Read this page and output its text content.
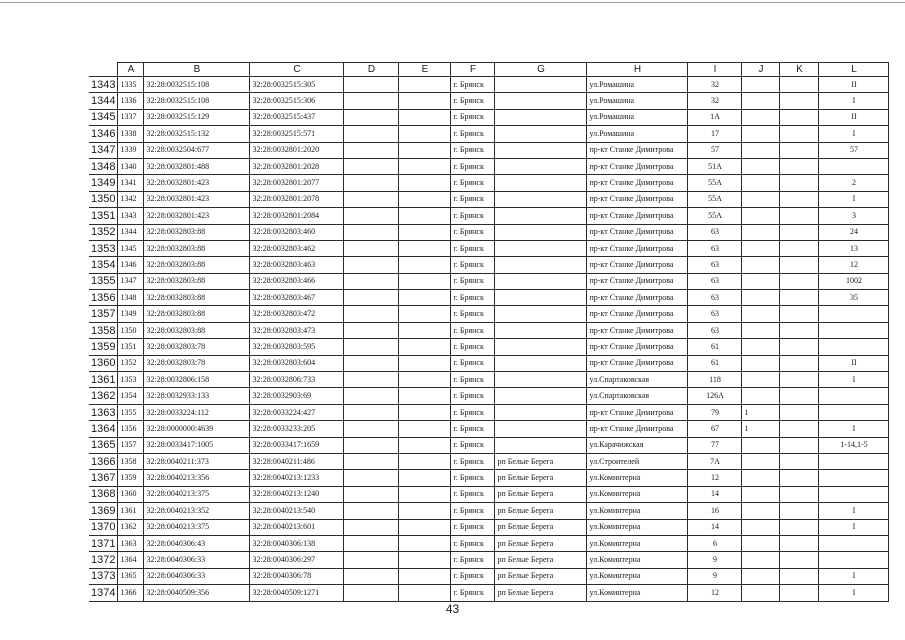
	A	B	C	D	E	F	G	H	I	J	K	L
1343	1335	32:28:0032515:108	32:28:0032515:305			г. Брянск		ул.Ромашина	32			II
1344	1336	32:28:0032515:108	32:28:0032515:306			г. Брянск		ул.Ромашина	32			I
1345	1337	32:28:0032515:129	32:28:0032515:437			г. Брянск		ул.Ромашина	1А			II
1346	1338	32:28:0032515:132	32:28:0032515:571			г. Брянск		ул.Ромашина	17			I
1347	1339	32:28:0032504:677	32:28:0032801:2020			г. Брянск		пр-кт Станке Димитрова	57			57
1348	1340	32:28:0032801:488	32:28:0032801:2028			г. Брянск		пр-кт Станке Димитрова	51А			
1349	1341	32:28:0032801:423	32:28:0032801:2077			г. Брянск		пр-кт Станке Димитрова	55А			2
1350	1342	32:28:0032801:423	32:28:0032801:2078			г. Брянск		пр-кт Станке Димитрова	55А			I
1351	1343	32:28:0032801:423	32:28:0032801:2084			г. Брянск		пр-кт Станке Димитрова	55А			3
1352	1344	32:28:0032803:88	32:28:0032803:460			г. Брянск		пр-кт Станке Димитрова	63			24
1353	1345	32:28:0032803:88	32:28:0032803:462			г. Брянск		пр-кт Станке Димитрова	63			13
1354	1346	32:28:0032803:88	32:28:0032803:463			г. Брянск		пр-кт Станке Димитрова	63			12
1355	1347	32:28:0032803:88	32:28:0032803:466			г. Брянск		пр-кт Станке Димитрова	63			1002
1356	1348	32:28:0032803:88	32:28:0032803:467			г. Брянск		пр-кт Станке Димитрова	63			35
1357	1349	32:28:0032803:88	32:28:0032803:472			г. Брянск		пр-кт Станке Димитрова	63			
1358	1350	32:28:0032803:88	32:28:0032803:473			г. Брянск		пр-кт Станке Димитрова	63			
1359	1351	32:28:0032803:78	32:28:0032803:595			г. Брянск		пр-кт Станке Димитрова	61			
1360	1352	32:28:0032803:78	32:28:0032803:604			г. Брянск		пр-кт Станке Димитрова	61			II
1361	1353	32:28:0032806:158	32:28:0032806:733			г. Брянск		ул.Спартаковская	118			I
1362	1354	32:28:0032933:133	32:28:0032903:69			г. Брянск		ул.Спартаковская	126А			
1363	1355	32:28:0033224:112	32:28:0033224:427			г. Брянск		пр-кт Станке Димитрова	79	1		
1364	1356	32:28:0000000:4639	32:28:0033233:205			г. Брянск		пр-кт Станке Димитрова	67	1		I
1365	1357	32:28:0033417:1005	32:28:0033417:1659			г. Брянск		ул.Карачижская	77			1-14,1-5
1366	1358	32:28:0040211:373	32:28:0040211:486			г. Брянск	рп Белые Берега	ул.Строителей	7А			
1367	1359	32:28:0040213:356	32:28:0040213:1233			г. Брянск	рп Белые Берега	ул.Коминтерна	12			
1368	1360	32:28:0040213:375	32:28:0040213:1240			г. Брянск	рп Белые Берега	ул.Коминтерна	14			
1369	1361	32:28:0040213:352	32:28:0040213:540			г. Брянск	рп Белые Берега	ул.Коминтерна	16			I
1370	1362	32:28:0040213:375	32:28:0040213:601			г. Брянск	рп Белые Берега	ул.Коминтерна	14			I
1371	1363	32:28:0040306:43	32:28:0040306:138			г. Брянск	рп Белые Берега	ул.Коминтерна	6			
1372	1364	32:28:0040306:33	32:28:0040306:297			г. Брянск	рп Белые Берега	ул.Коминтерна	9			
1373	1365	32:28:0040306:33	32:28:0040306:78			г. Брянск	рп Белые Берега	ул.Коминтерна	9			I
1374	1366	32:28:0040509:356	32:28:0040509:1271			г. Брянск	рп Белые Берега	ул.Коминтерна	12			I
43
